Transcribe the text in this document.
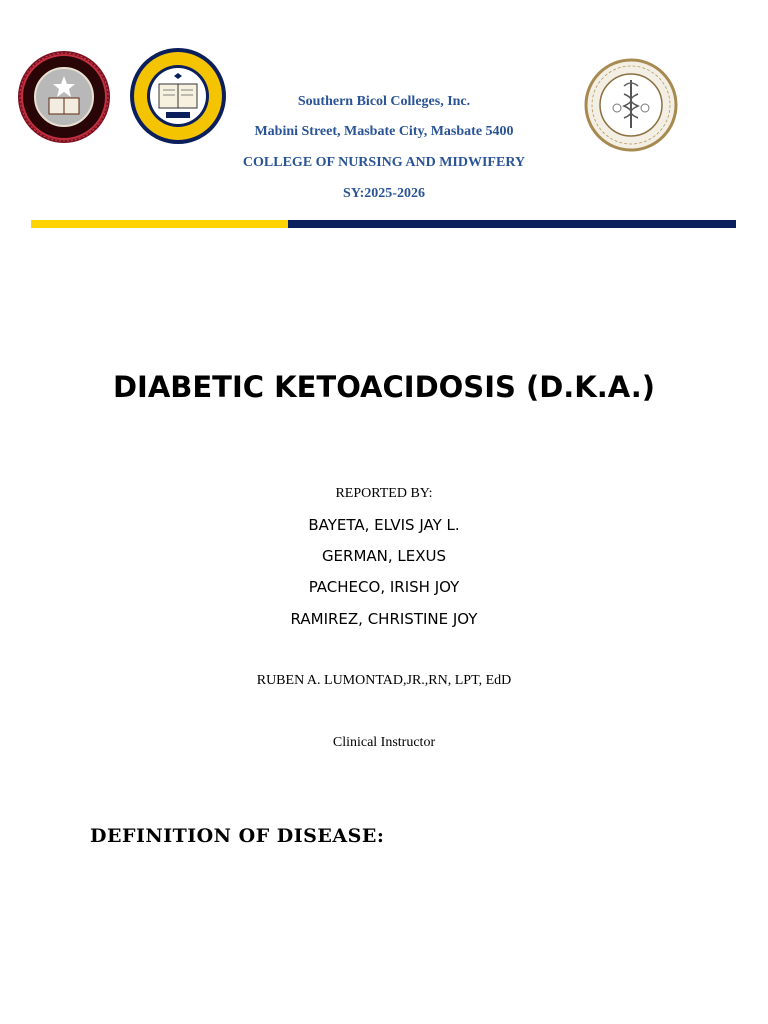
Southern Bicol Colleges, Inc.
Mabini Street, Masbate City, Masbate 5400
COLLEGE OF NURSING AND MIDWIFERY
SY:2025-2026
DIABETIC KETOACIDOSIS (D.K.A.)
REPORTED BY:
BAYETA, ELVIS JAY L.
GERMAN, LEXUS
PACHECO, IRISH JOY
RAMIREZ, CHRISTINE JOY
RUBEN A. LUMONTAD,JR.,RN, LPT, EdD
Clinical Instructor
DEFINITION OF DISEASE:
